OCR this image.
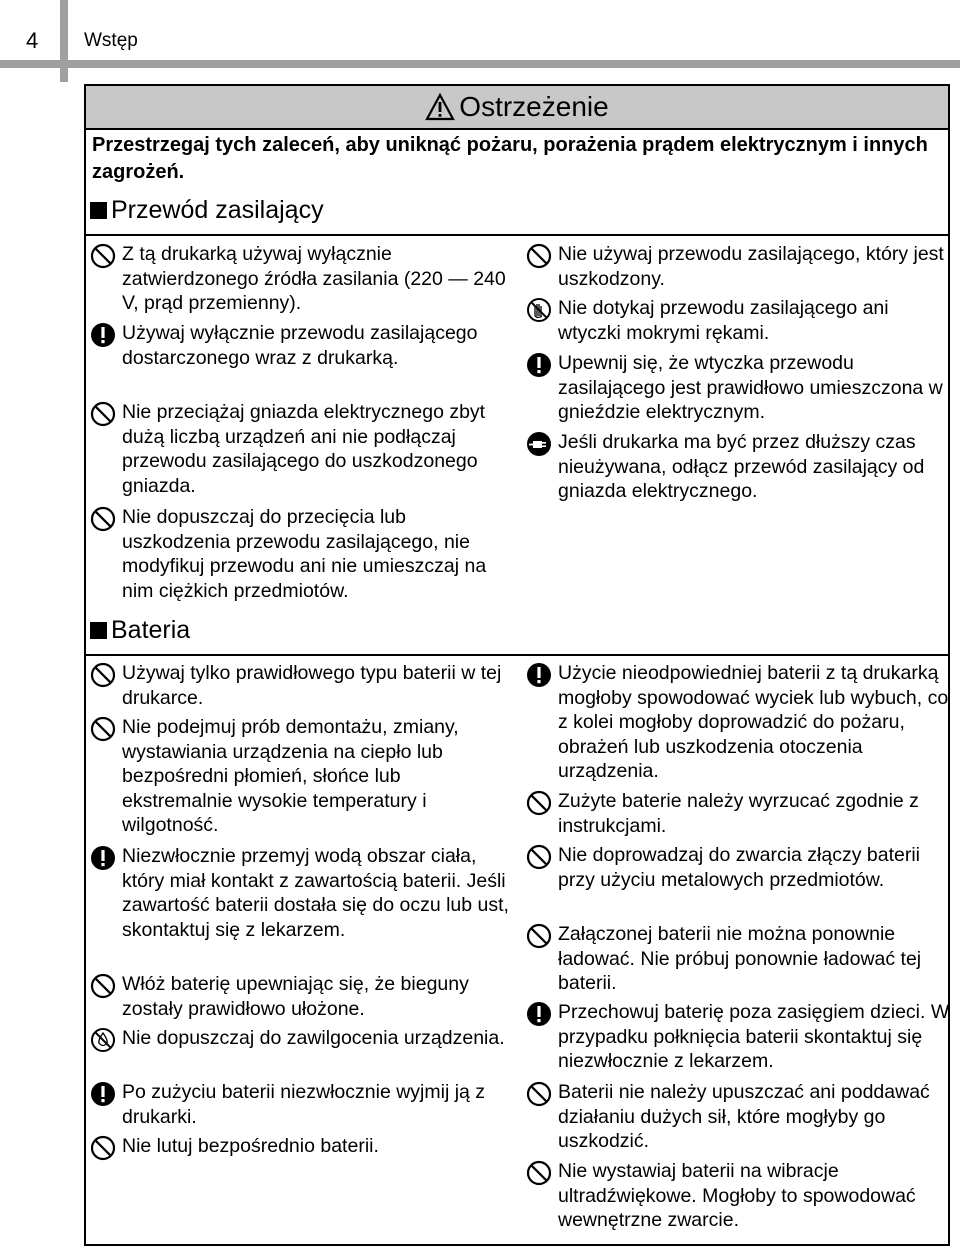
4 Wstęp
Ostrzeżenie
Przestrzegaj tych zaleceń, aby uniknąć pożaru, porażenia prądem elektrycznym i innych zagrożeń.
Przewód zasilający
Z tą drukarką używaj wyłącznie zatwierdzonego źródła zasilania (220 — 240 V, prąd przemienny).
Używaj wyłącznie przewodu zasilającego dostarczonego wraz z drukarką.
Nie przeciążaj gniazda elektrycznego zbyt dużą liczbą urządzeń ani nie podłączaj przewodu zasilającego do uszkodzonego gniazda.
Nie dopuszczaj do przecięcia lub uszkodzenia przewodu zasilającego, nie modyfikuj przewodu ani nie umieszczaj na nim ciężkich przedmiotów.
Nie używaj przewodu zasilającego, który jest uszkodzony.
Nie dotykaj przewodu zasilającego ani wtyczki mokrymi rękami.
Upewnij się, że wtyczka przewodu zasilającego jest prawidłowo umieszczona w gnieździe elektrycznym.
Jeśli drukarka ma być przez dłuższy czas nieużywana, odłącz przewód zasilający od gniazda elektrycznego.
Bateria
Używaj tylko prawidłowego typu baterii w tej drukarce.
Nie podejmuj prób demontażu, zmiany, wystawiania urządzenia na ciepło lub bezpośredni płomień, słońce lub ekstremalnie wysokie temperatury i wilgotność.
Niezwłocznie przemyj wodą obszar ciała, który miał kontakt z zawartością baterii. Jeśli zawartość baterii dostała się do oczu lub ust, skontaktuj się z lekarzem.
Włóż baterię upewniając się, że bieguny zostały prawidłowo ułożone.
Nie dopuszczaj do zawilgocenia urządzenia.
Po zużyciu baterii niezwłocznie wyjmij ją z drukarki.
Nie lutuj bezpośrednio baterii.
Użycie nieodpowiedniej baterii z tą drukarką mogłoby spowodować wyciek lub wybuch, co z kolei mogłoby doprowadzić do pożaru, obrażeń lub uszkodzenia otoczenia urządzenia.
Zużyte baterie należy wyrzucać zgodnie z instrukcjami.
Nie doprowadzaj do zwarcia złączy baterii przy użyciu metalowych przedmiotów.
Załączonej baterii nie można ponownie ładować. Nie próbuj ponownie ładować tej baterii.
Przechowuj baterię poza zasięgiem dzieci. W przypadku połknięcia baterii skontaktuj się niezwłocznie z lekarzem.
Baterii nie należy upuszczać ani poddawać działaniu dużych sił, które mogłyby go uszkodzić.
Nie wystawiaj baterii na wibracje ultradźwiękowe. Mogłoby to spowodować wewnętrzne zwarcie.
